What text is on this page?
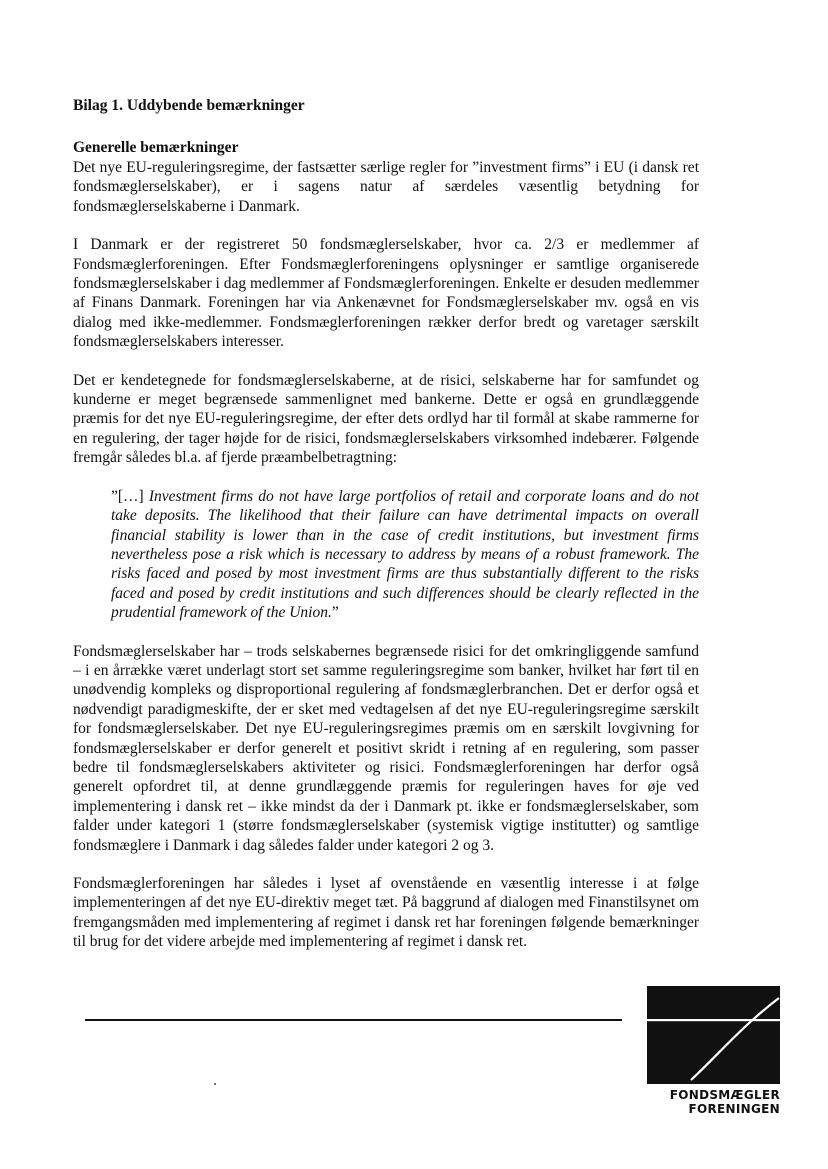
Bilag 1. Uddybende bemærkninger

Generelle bemærkninger

Det nye EU-reguleringsregime, der fastsætter særlige regler for ”investment firms” i EU (i dansk ret fondsmæglerselskaber), er i sagens natur af særdeles væsentlig betydning for fondsmæglerselskaberne i Danmark.

I Danmark er der registreret 50 fondsmæglerselskaber, hvor ca. 2/3 er medlemmer af Fondsmæglerforeningen. Efter Fondsmæglerforeningens oplysninger er samtlige organiserede fondsmæglerselskaber i dag medlemmer af Fondsmæglerforeningen. Enkelte er desuden medlemmer af Finans Danmark. Foreningen har via Ankenævnet for Fondsmæglerselskaber mv. også en vis dialog med ikke-medlemmer. Fondsmæglerforeningen rækker derfor bredt og varetager særskilt fondsmæglerselskabers interesser.

Det er kendetegnede for fondsmæglerselskaberne, at de risici, selskaberne har for samfundet og kunderne er meget begrænsede sammenlignet med bankerne. Dette er også en grundlæggende præmis for det nye EU-reguleringsregime, der efter dets ordlyd har til formål at skabe rammerne for en regulering, der tager højde for de risici, fondsmæglerselskabers virksomhed indebærer. Følgende fremgår således bl.a. af fjerde præambelbetragtning:

”[…] Investment firms do not have large portfolios of retail and corporate loans and do not take deposits. The likelihood that their failure can have detrimental impacts on overall financial stability is lower than in the case of credit institutions, but investment firms nevertheless pose a risk which is necessary to address by means of a robust framework. The risks faced and posed by most investment firms are thus substantially different to the risks faced and posed by credit institutions and such differences should be clearly reflected in the prudential framework of the Union.”

Fondsmæglerselskaber har – trods selskabernes begrænsede risici for det omkringliggende samfund – i en årrække været underlagt stort set samme reguleringsregime som banker, hvilket har ført til en unødvendig kompleks og disproportional regulering af fondsmæglerbranchen. Det er derfor også et nødvendigt paradigmeskifte, der er sket med vedtagelsen af det nye EU-reguleringsregime særskilt for fondsmæglerselskaber. Det nye EU-reguleringsregimes præmis om en særskilt lovgivning for fondsmæglerselskaber er derfor generelt et positivt skridt i retning af en regulering, som passer bedre til fondsmæglerselskabers aktiviteter og risici. Fondsmæglerforeningen har derfor også generelt opfordret til, at denne grundlæggende præmis for reguleringen haves for øje ved implementering i dansk ret – ikke mindst da der i Danmark pt. ikke er fondsmæglerselskaber, som falder under kategori 1 (større fondsmæglerselskaber (systemisk vigtige institutter) og samtlige fondsmæglere i Danmark i dag således falder under kategori 2 og 3.

Fondsmæglerforeningen har således i lyset af ovenstående en væsentlig interesse i at følge implementeringen af det nye EU-direktiv meget tæt. På baggrund af dialogen med Finanstilsynet om fremgangsmåden med implementering af regimet i dansk ret har foreningen følgende bemærkninger til brug for det videre arbejde med implementering af regimet i dansk ret.

FONDSMÆGLER
FORENINGEN
